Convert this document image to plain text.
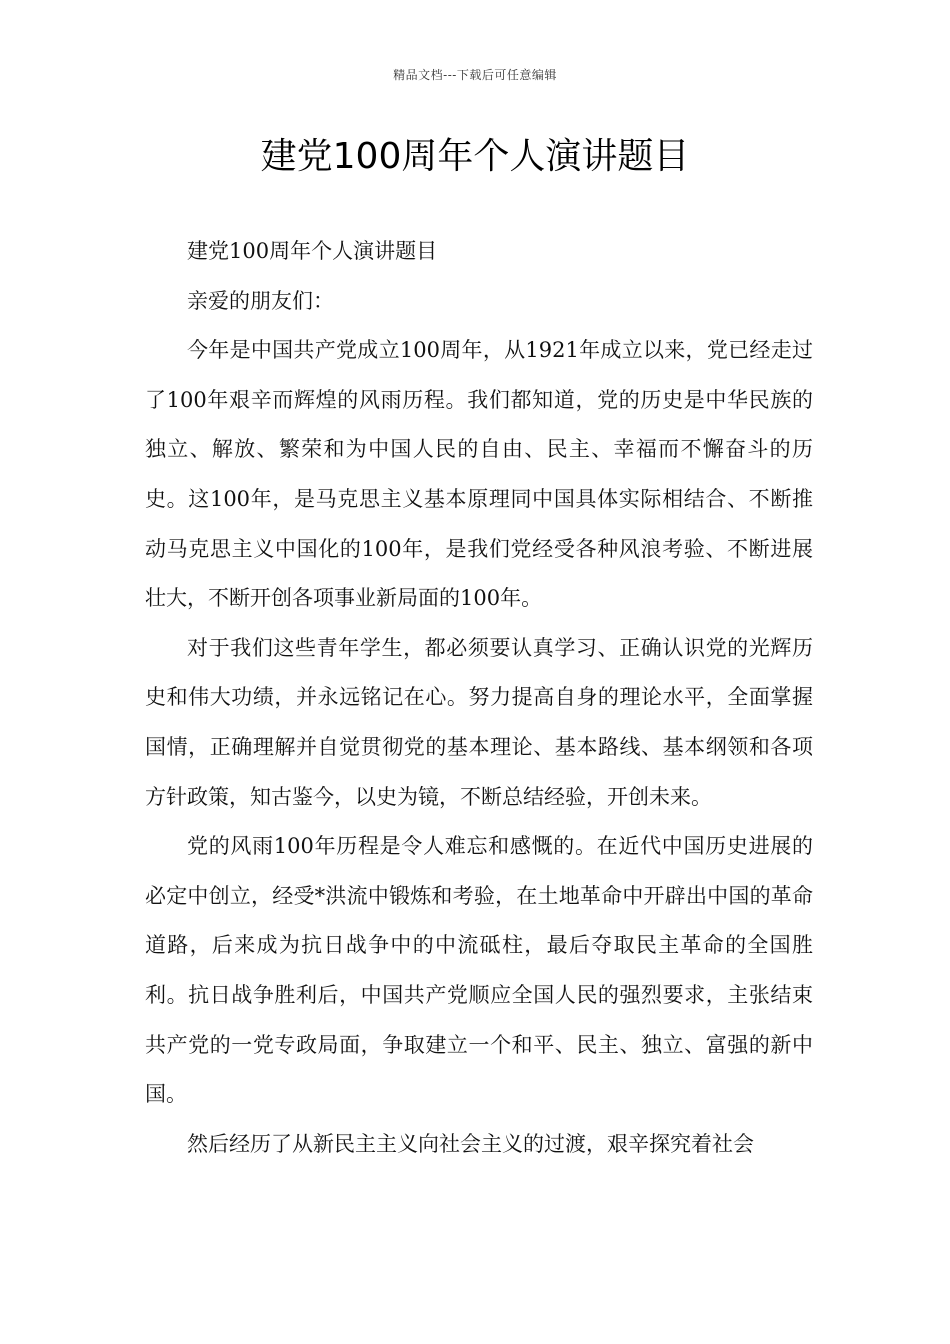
精品文档---下载后可任意编辑
建党100周年个人演讲题目

建党100周年个人演讲题目

亲爱的朋友们：

今年是中国共产党成立100周年，从1921年成立以来，党已经走过了100年艰辛而辉煌的风雨历程。我们都知道，党的历史是中华民族的独立、解放、繁荣和为中国人民的自由、民主、幸福而不懈奋斗的历史。这100年，是马克思主义基本原理同中国具体实际相结合、不断推动马克思主义中国化的100年，是我们党经受各种风浪考验、不断进展壮大，不断开创各项事业新局面的100年。

对于我们这些青年学生，都必须要认真学习、正确认识党的光辉历史和伟大功绩，并永远铭记在心。努力提高自身的理论水平，全面掌握国情，正确理解并自觉贯彻党的基本理论、基本路线、基本纲领和各项方针政策，知古鉴今，以史为镜，不断总结经验，开创未来。

党的风雨100年历程是令人难忘和感慨的。在近代中国历史进展的必定中创立，经受*洪流中锻炼和考验，在土地革命中开辟出中国的革命道路，后来成为抗日战争中的中流砥柱，最后夺取民主革命的全国胜利。抗日战争胜利后，中国共产党顺应全国人民的强烈要求，主张结束共产党的一党专政局面，争取建立一个和平、民主、独立、富强的新中国。

然后经历了从新民主主义向社会主义的过渡，艰辛探究着社会
